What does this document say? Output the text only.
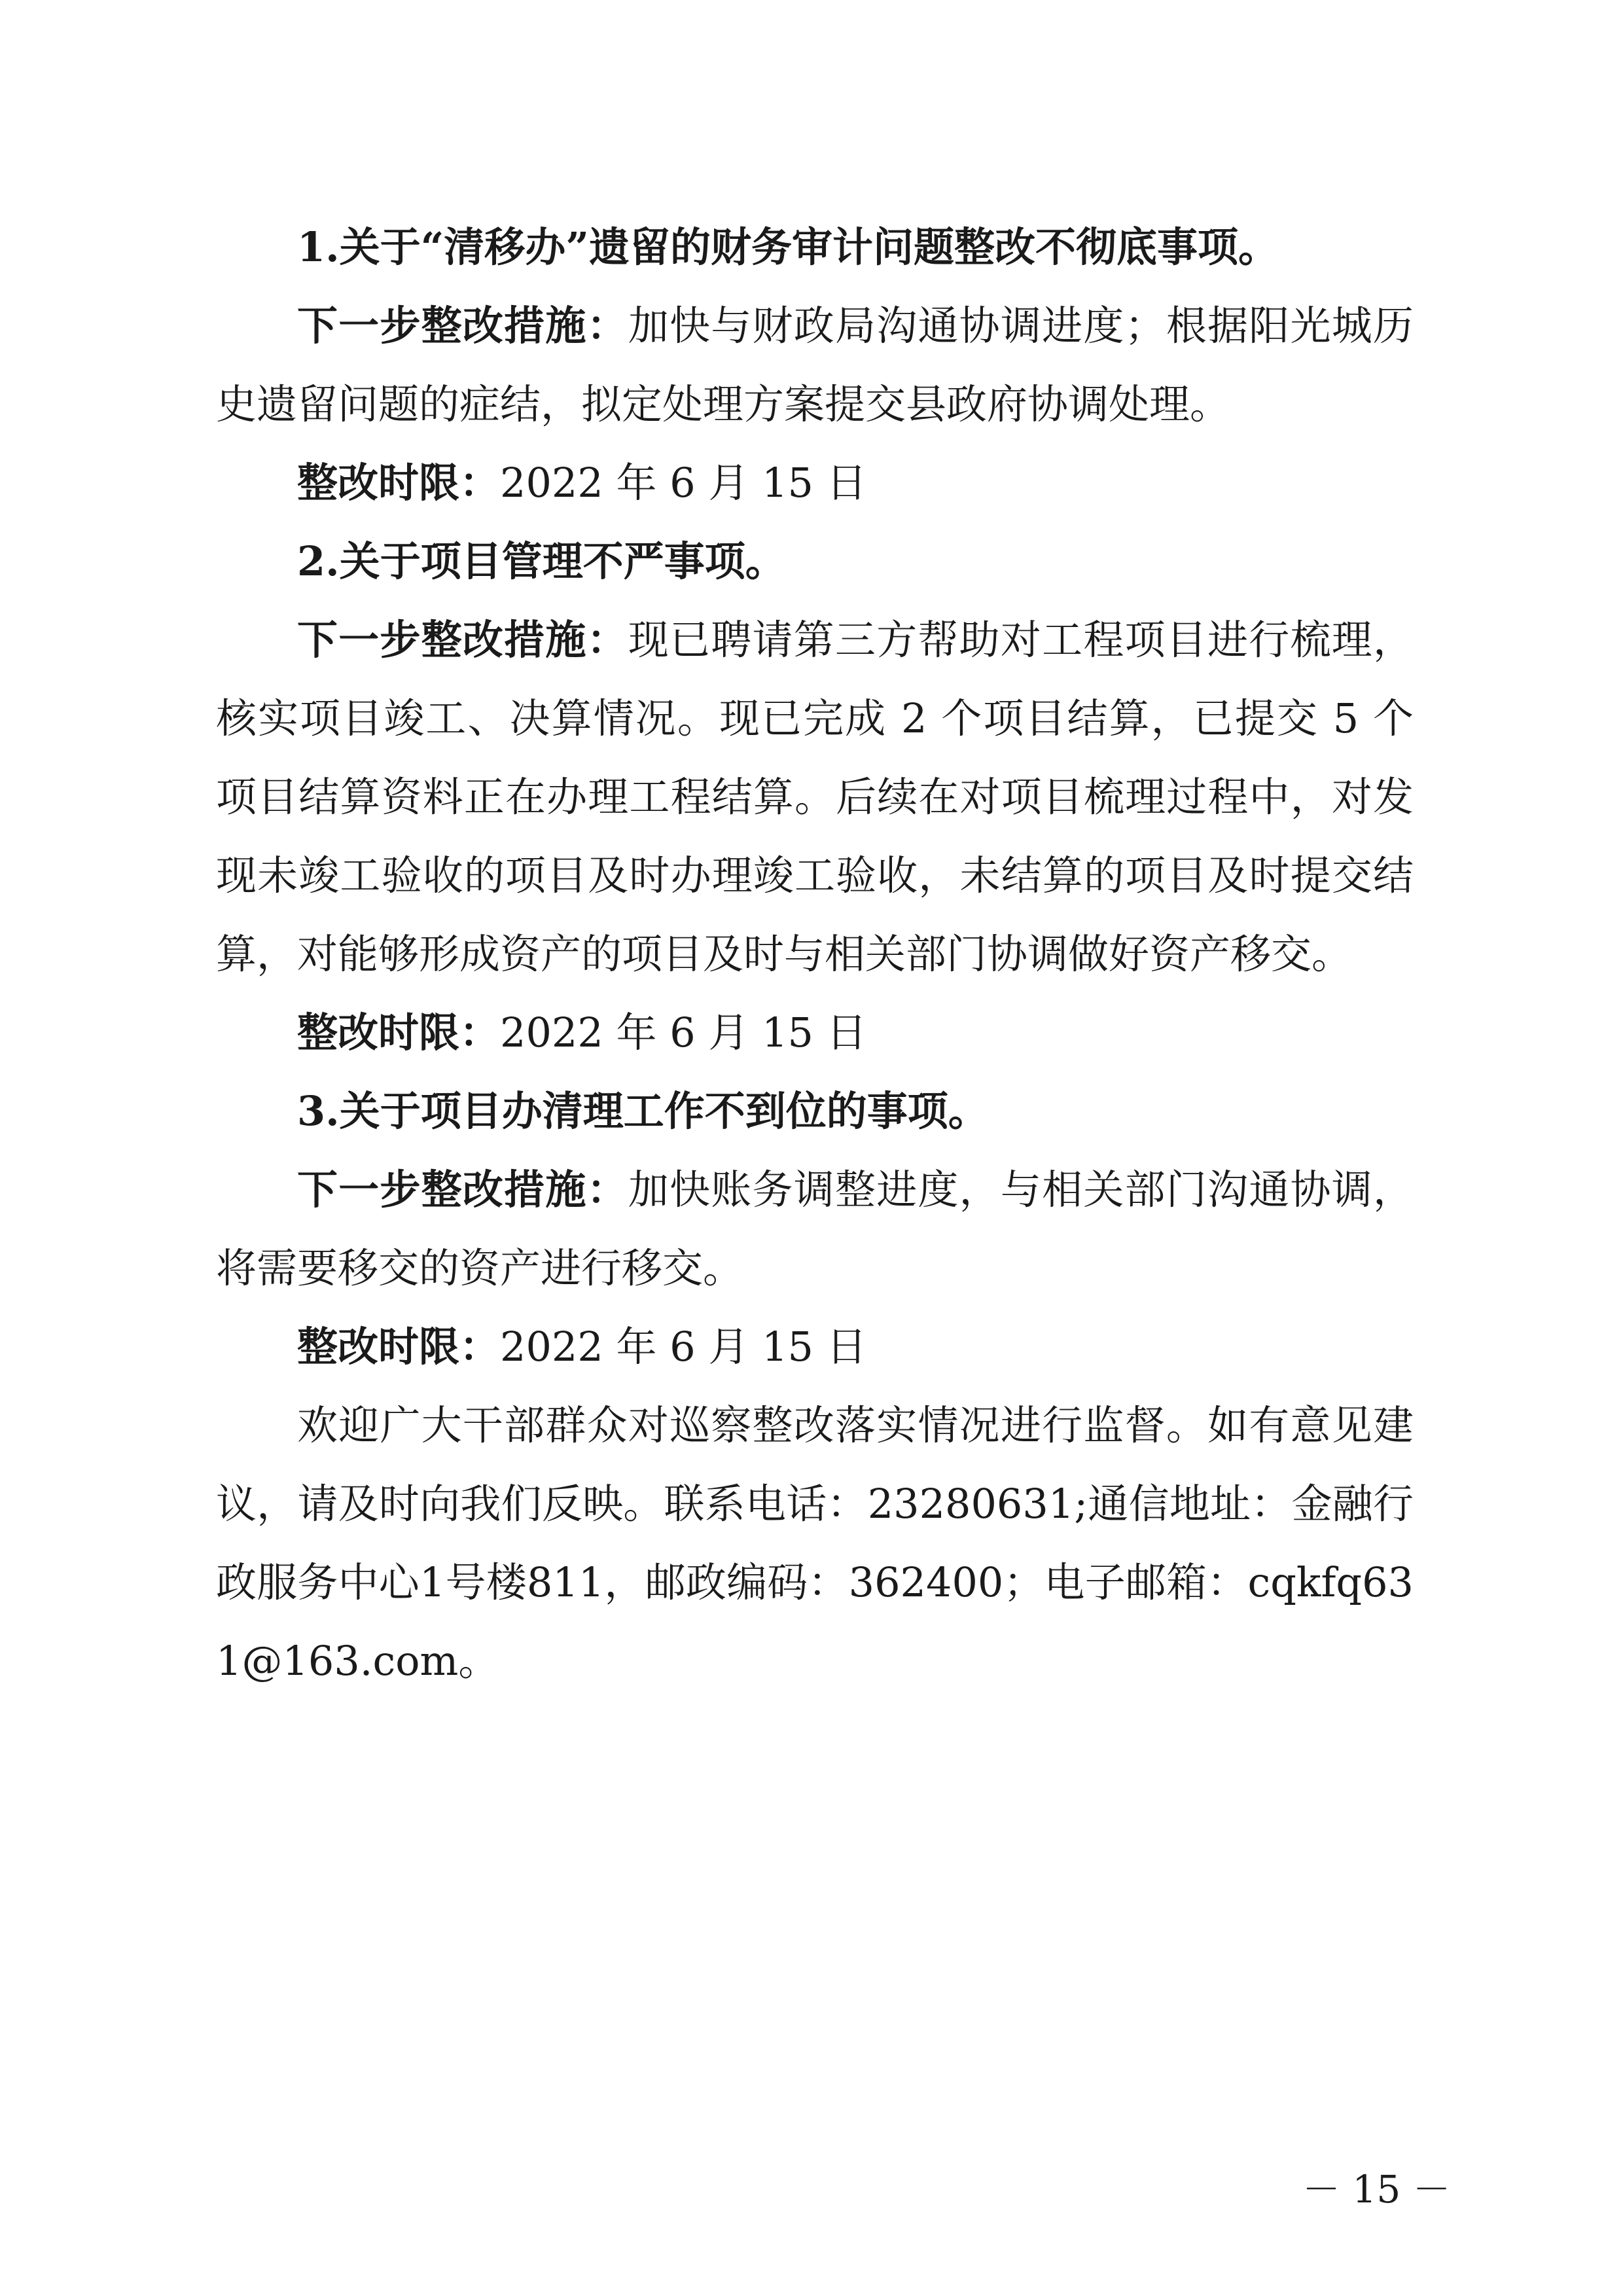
1.关于“清移办”遗留的财务审计问题整改不彻底事项。

下一步整改措施：加快与财政局沟通协调进度；根据阳光城历史遗留问题的症结，拟定处理方案提交县政府协调处理。

整改时限：2022 年 6 月 15 日

2.关于项目管理不严事项。

下一步整改措施：现已聘请第三方帮助对工程项目进行梳理，核实项目竣工、决算情况。现已完成 2 个项目结算，已提交 5 个项目结算资料正在办理工程结算。后续在对项目梳理过程中，对发现未竣工验收的项目及时办理竣工验收，未结算的项目及时提交结算，对能够形成资产的项目及时与相关部门协调做好资产移交。

整改时限：2022 年 6 月 15 日

3.关于项目办清理工作不到位的事项。

下一步整改措施：加快账务调整进度，与相关部门沟通协调，将需要移交的资产进行移交。

整改时限：2022 年 6 月 15 日

欢迎广大干部群众对巡察整改落实情况进行监督。如有意见建议，请及时向我们反映。联系电话：23280631;通信地址：金融行政服务中心1号楼811，邮政编码：362400；电子邮箱：cqkfq631@163.com。

－ 15 －
